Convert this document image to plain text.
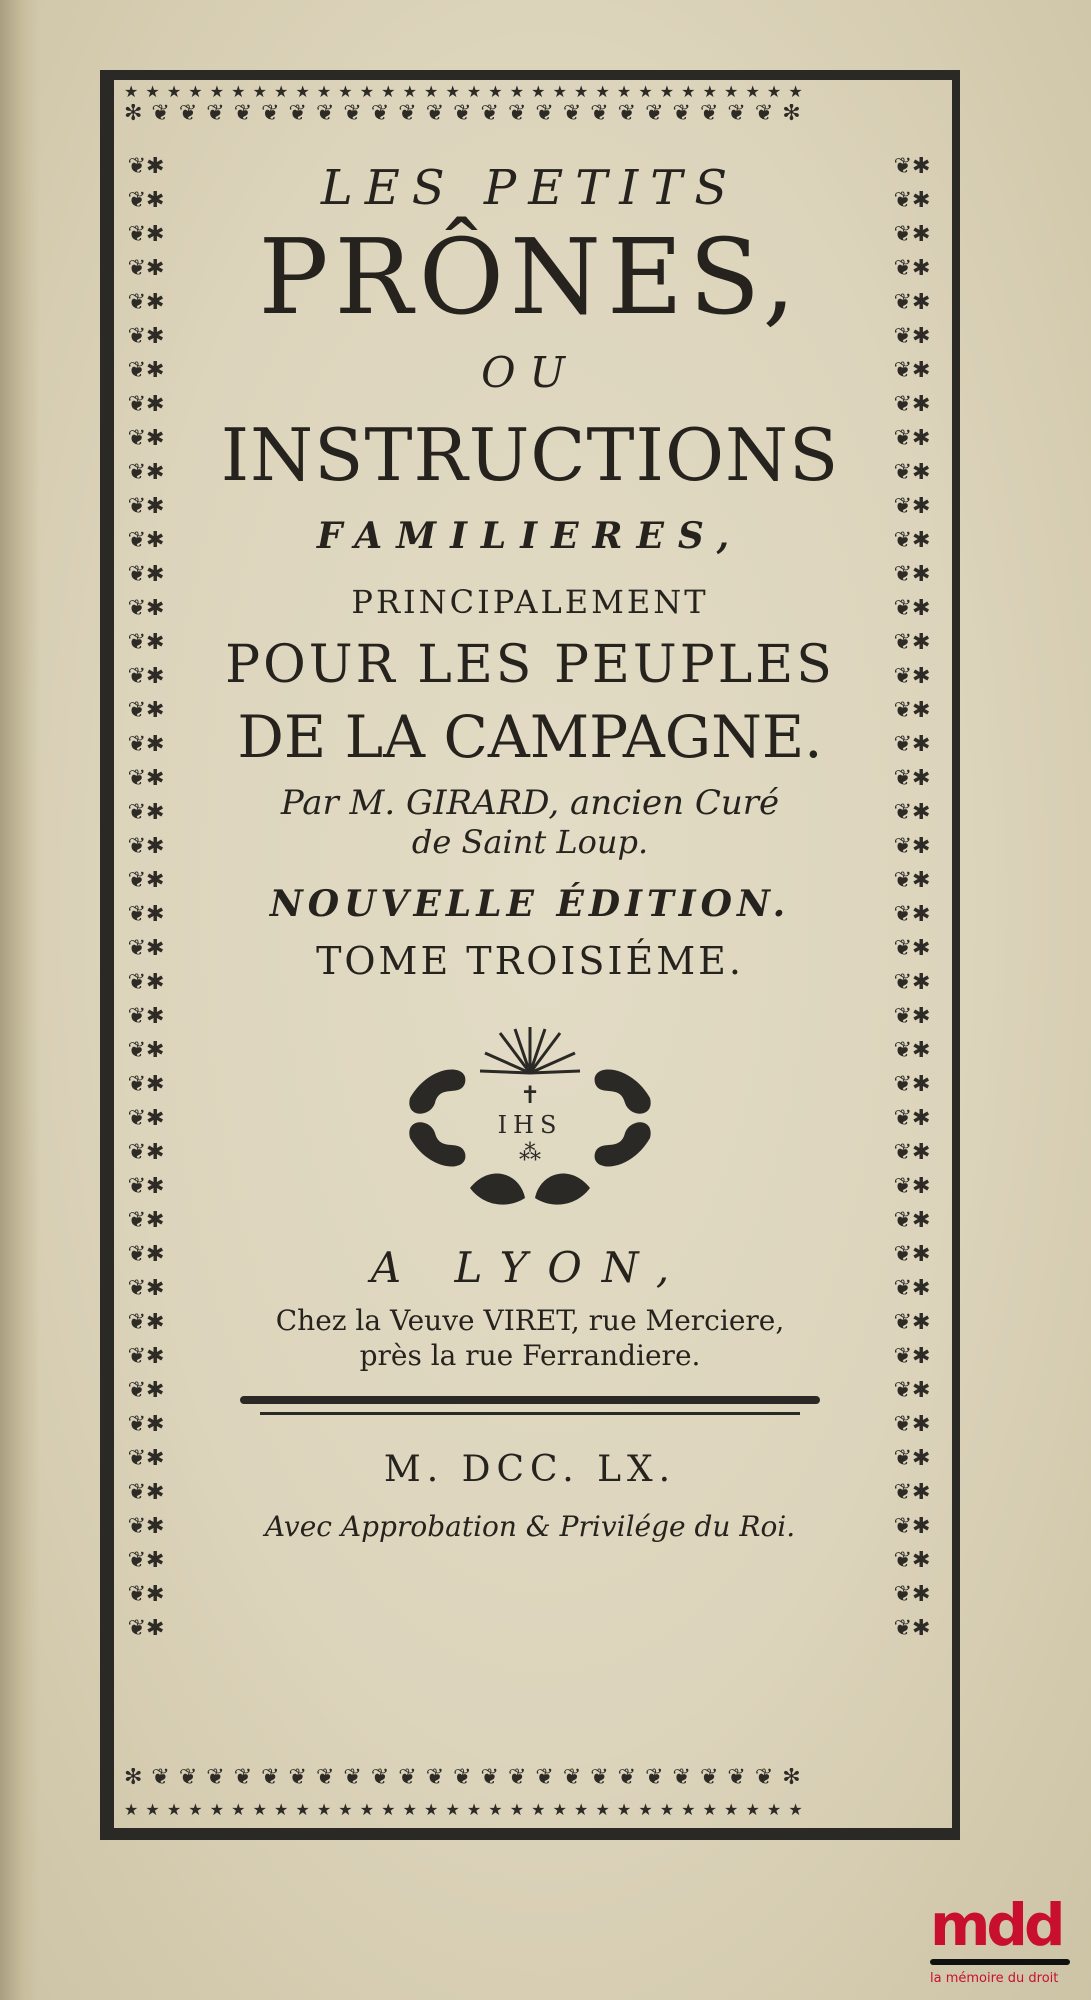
★ ★ ★ ★ ★ ★ ★ ★ ★ ★ ★ ★ ★ ★ ★ ★ ★ ★ ★ ★ ★ ★ ★ ★ ★ ★ ★ ★ ★ ★ ★ ★
✻ ❦ ❦ ❦ ❦ ❦ ❦ ❦ ❦ ❦ ❦ ❦ ❦ ❦ ❦ ❦ ❦ ❦ ❦ ❦ ❦ ❦ ❦ ❦ ✻
✻ ❦ ❦ ❦ ❦ ❦ ❦ ❦ ❦ ❦ ❦ ❦ ❦ ❦ ❦ ❦ ❦ ❦ ❦ ❦ ❦ ❦ ❦ ❦ ✻
★ ★ ★ ★ ★ ★ ★ ★ ★ ★ ★ ★ ★ ★ ★ ★ ★ ★ ★ ★ ★ ★ ★ ★ ★ ★ ★ ★ ★ ★ ★ ★
❦✱❦✱❦✱❦✱❦✱❦✱❦✱❦✱❦✱❦✱❦✱❦✱❦✱❦✱❦✱❦✱❦✱❦✱❦✱❦✱❦✱❦✱❦✱❦✱❦✱❦✱❦✱❦✱❦✱❦✱❦✱❦✱❦✱❦✱❦✱❦✱❦✱❦✱❦✱❦✱❦✱❦✱❦✱❦✱
❦✱❦✱❦✱❦✱❦✱❦✱❦✱❦✱❦✱❦✱❦✱❦✱❦✱❦✱❦✱❦✱❦✱❦✱❦✱❦✱❦✱❦✱❦✱❦✱❦✱❦✱❦✱❦✱❦✱❦✱❦✱❦✱❦✱❦✱❦✱❦✱❦✱❦✱❦✱❦✱❦✱❦✱❦✱❦✱
LES PETITS
PRÔNES,
OU
INSTRUCTIONS
FAMILIERES,
PRINCIPALEMENT
POUR LES PEUPLES
DE LA CAMPAGNE.
Par M. GIRARD, ancien Curé
de Saint Loup.
NOUVELLE ÉDITION.
TOME TROISIÉME.
✝
IHS
⁂
A LYON,
Chez la Veuve VIRET, rue Merciere,
près la rue Ferrandiere.
M. DCC. LX.
Avec Approbation & Privilége du Roi.
mdd
la mémoire du droit
